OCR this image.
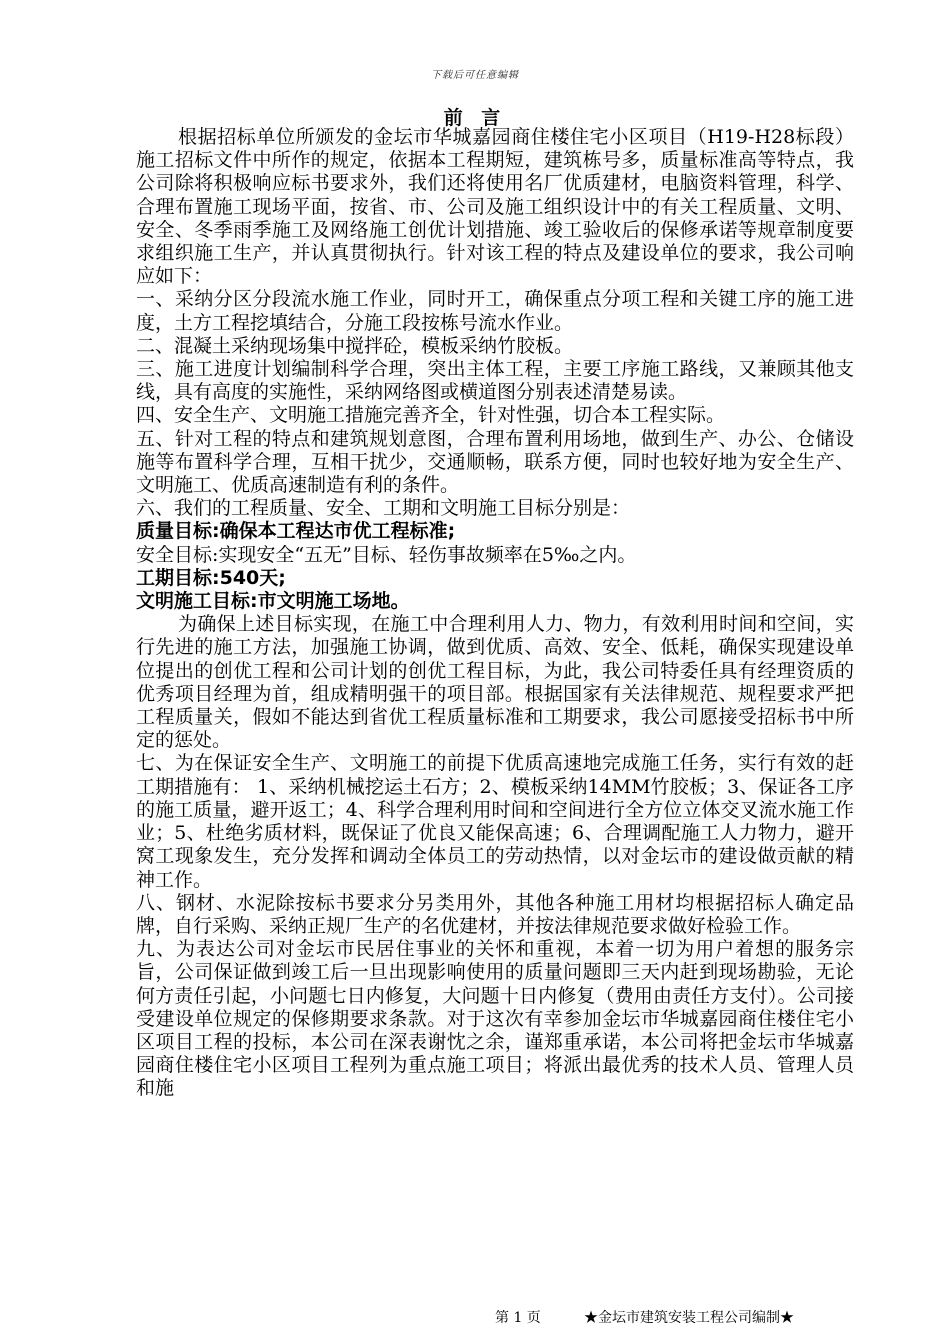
下载后可任意编辑
前 言

根据招标单位所颁发的金坛市华城嘉园商住楼住宅小区项目（H19-H28标段）施工招标文件中所作的规定，依据本工程期短，建筑栋号多，质量标准高等特点，我公司除将积极响应标书要求外，我们还将使用名厂优质建材，电脑资料管理，科学、合理布置施工现场平面，按省、市、公司及施工组织设计中的有关工程质量、文明、安全、冬季雨季施工及网络施工创优计划措施、竣工验收后的保修承诺等规章制度要求组织施工生产，并认真贯彻执行。针对该工程的特点及建设单位的要求，我公司响应如下：

一、采纳分区分段流水施工作业，同时开工，确保重点分项工程和关键工序的施工进度，土方工程挖填结合，分施工段按栋号流水作业。

二、混凝土采纳现场集中搅拌砼，模板采纳竹胶板。

三、施工进度计划编制科学合理，突出主体工程，主要工序施工路线，又兼顾其他支线，具有高度的实施性，采纳网络图或横道图分别表述清楚易读。

四、安全生产、文明施工措施完善齐全，针对性强，切合本工程实际。

五、针对工程的特点和建筑规划意图，合理布置利用场地，做到生产、办公、仓储设施等布置科学合理，互相干扰少，交通顺畅，联系方便，同时也较好地为安全生产、文明施工、优质高速制造有利的条件。

六、我们的工程质量、安全、工期和文明施工目标分别是：

质量目标:确保本工程达市优工程标准;

安全目标:实现安全“五无”目标、轻伤事故频率在5‰之内。

工期目标:540天;

文明施工目标:市文明施工场地。

为确保上述目标实现，在施工中合理利用人力、物力，有效利用时间和空间，实行先进的施工方法，加强施工协调，做到优质、高效、安全、低耗，确保实现建设单位提出的创优工程和公司计划的创优工程目标，为此，我公司特委任具有经理资质的优秀项目经理为首，组成精明强干的项目部。根据国家有关法律规范、规程要求严把工程质量关，假如不能达到省优工程质量标准和工期要求，我公司愿接受招标书中所定的惩处。

七、为在保证安全生产、文明施工的前提下优质高速地完成施工任务，实行有效的赶工期措施有： 1、采纳机械挖运土石方；2、模板采纳14MM竹胶板；3、保证各工序的施工质量，避开返工；4、科学合理利用时间和空间进行全方位立体交叉流水施工作业；5、杜绝劣质材料，既保证了优良又能保高速；6、合理调配施工人力物力，避开窝工现象发生，充分发挥和调动全体员工的劳动热情，以对金坛市的建设做贡献的精神工作。

八、钢材、水泥除按标书要求分另类用外，其他各种施工用材均根据招标人确定品牌，自行采购、采纳正规厂生产的名优建材，并按法律规范要求做好检验工作。

九、为表达公司对金坛市民居住事业的关怀和重视，本着一切为用户着想的服务宗旨，公司保证做到竣工后一旦出现影响使用的质量问题即三天内赶到现场勘验，无论何方责任引起，小问题七日内修复，大问题十日内修复（费用由责任方支付）。公司接受建设单位规定的保修期要求条款。对于这次有幸参加金坛市华城嘉园商住楼住宅小区项目工程的投标，本公司在深表谢忱之余，谨郑重承诺，本公司将把金坛市华城嘉园商住楼住宅小区项目工程列为重点施工项目；将派出最优秀的技术人员、管理人员和施

第 1 页	★金坛市建筑安装工程公司编制★
